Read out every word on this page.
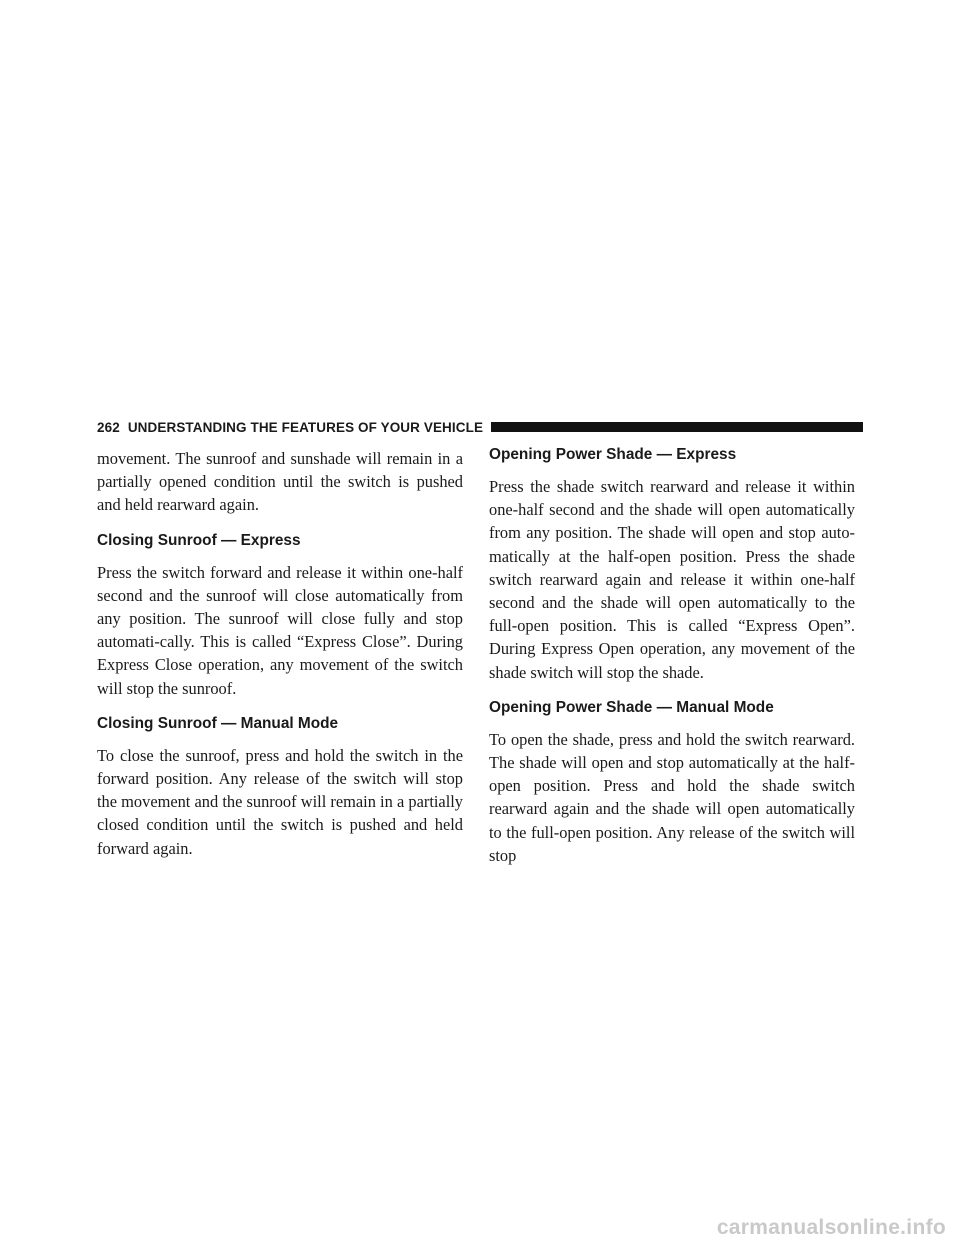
262 UNDERSTANDING THE FEATURES OF YOUR VEHICLE

movement. The sunroof and sunshade will remain in a partially opened condition until the switch is pushed and held rearward again.

Closing Sunroof — Express

Press the switch forward and release it within one-half second and the sunroof will close automatically from any position. The sunroof will close fully and stop automati-cally. This is called “Express Close”. During Express Close operation, any movement of the switch will stop the sunroof.

Closing Sunroof — Manual Mode

To close the sunroof, press and hold the switch in the forward position. Any release of the switch will stop the movement and the sunroof will remain in a partially closed condition until the switch is pushed and held forward again.

Opening Power Shade — Express

Press the shade switch rearward and release it within one-half second and the shade will open automatically from any position. The shade will open and stop auto-matically at the half-open position. Press the shade switch rearward again and release it within one-half second and the shade will open automatically to the full-open position. This is called “Express Open”. During Express Open operation, any movement of the shade switch will stop the shade.

Opening Power Shade — Manual Mode

To open the shade, press and hold the switch rearward. The shade will open and stop automatically at the half-open position. Press and hold the shade switch rearward again and the shade will open automatically to the full-open position. Any release of the switch will stop

carmanualsonline.info
